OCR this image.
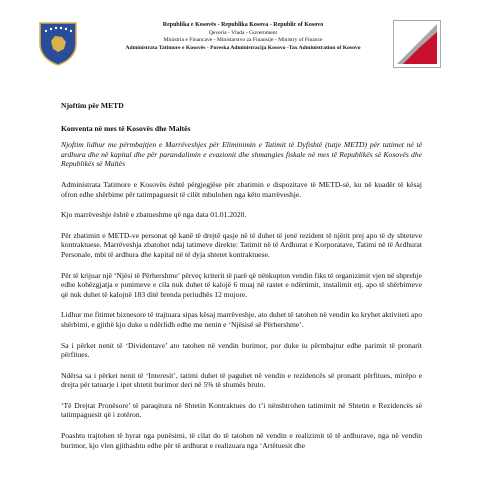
Republika e Kosovës - Republika Kosova - Republic of Kosovo
Qeveria - Vlada - Government
Ministria e Financave - Ministarstvo za Finansije - Ministry of Finance
Administrata Tatimore e Kosovës - Poreska Administracija Kosovo -Tax Administration of Kosovo
Njoftim për METD
Konventa në mes të Kosovës dhe Maltës
Njoftim lidhur me përmbajtjen e Marrëveshjes për Eliminimin e Tatimit të Dyfishtë (tutje METD) për tatimet në të ardhura dhe në kapital dhe për parandalimin e evazionit dhe shmangies fiskale në mes të Republikës së Kosovës dhe Republikës së Maltës

Administrata Tatimore e Kosovës është përgjegjëse për zbatimin e dispozitave të METD-së, ku në kuadër të kësaj ofron edhe shërbime për tatimpaguesit të cilët mbulohen nga këto marrëveshje.

Kjo marrëveshje është e zbatueshme që nga data 01.01.2020.

Për zbatimin e METD-ve personat që kanë të drejtë qasje në të duhet të jenë rezident të njërit prej apo të dy shteteve kontraktuese. Marrëveshja zbatohet ndaj tatimeve direkte: Tatimit në të Ardhurat e Korporatave, Tatimi në të Ardhurat Personale, mbi të ardhura dhe kapital në të dyja shtetet kontraktuese.

Për të krijuar një ‘Njësi të Përhershme’ përveç kriterit të parë që nënkupton vendin fiks të organizimit vjen në shprehje edhe kohëzgjatja e punimeve e cila nuk duhet të kalojë 6 muaj në rastet e ndërtimit, instalimit etj. apo të shërbimeve që nuk duhet të kalojnë 183 ditë brenda periudhës 12 mujore.

Lidhur me fitimet biznesore të trajtuara sipas kësaj marrëveshje, ato duhet të tatohen në vendin ku kryhet aktiviteti apo shërbimi, e gjithë kjo duke u ndërlidh edhe me nenin e ‘Njësisë së Përhershme’.

Sa i përket nenit të ‘Dividentave’ ato tatohen në vendin burimor, por duke iu përmbajtur edhe parimit të pronarit përfitues.

Ndërsa sa i përket nenit të ‘Interesit’, tatimi duhet të paguhet në vendin e rezidencës së pronarit përfitues, mirëpo e drejta për tatuarje i ipet shtetit burimor deri në 5% të shumës bruto.

‘Të Drejtat Pronësore’ të paraqitura në Shtetin Kontraktues do t’i nënshtrohen tatimimit në Shtetin e Rezidencës së tatimpaguesit që i zotëron.

Poashtu trajtohen të hyrat nga punësimi, të cilat do të tatohen në vendin e realizimit të të ardhurave, nga në vendin burimor, kjo vlen gjithashtu edhe për të ardhurat e realizuara nga ‘Artëtuesit dhe
